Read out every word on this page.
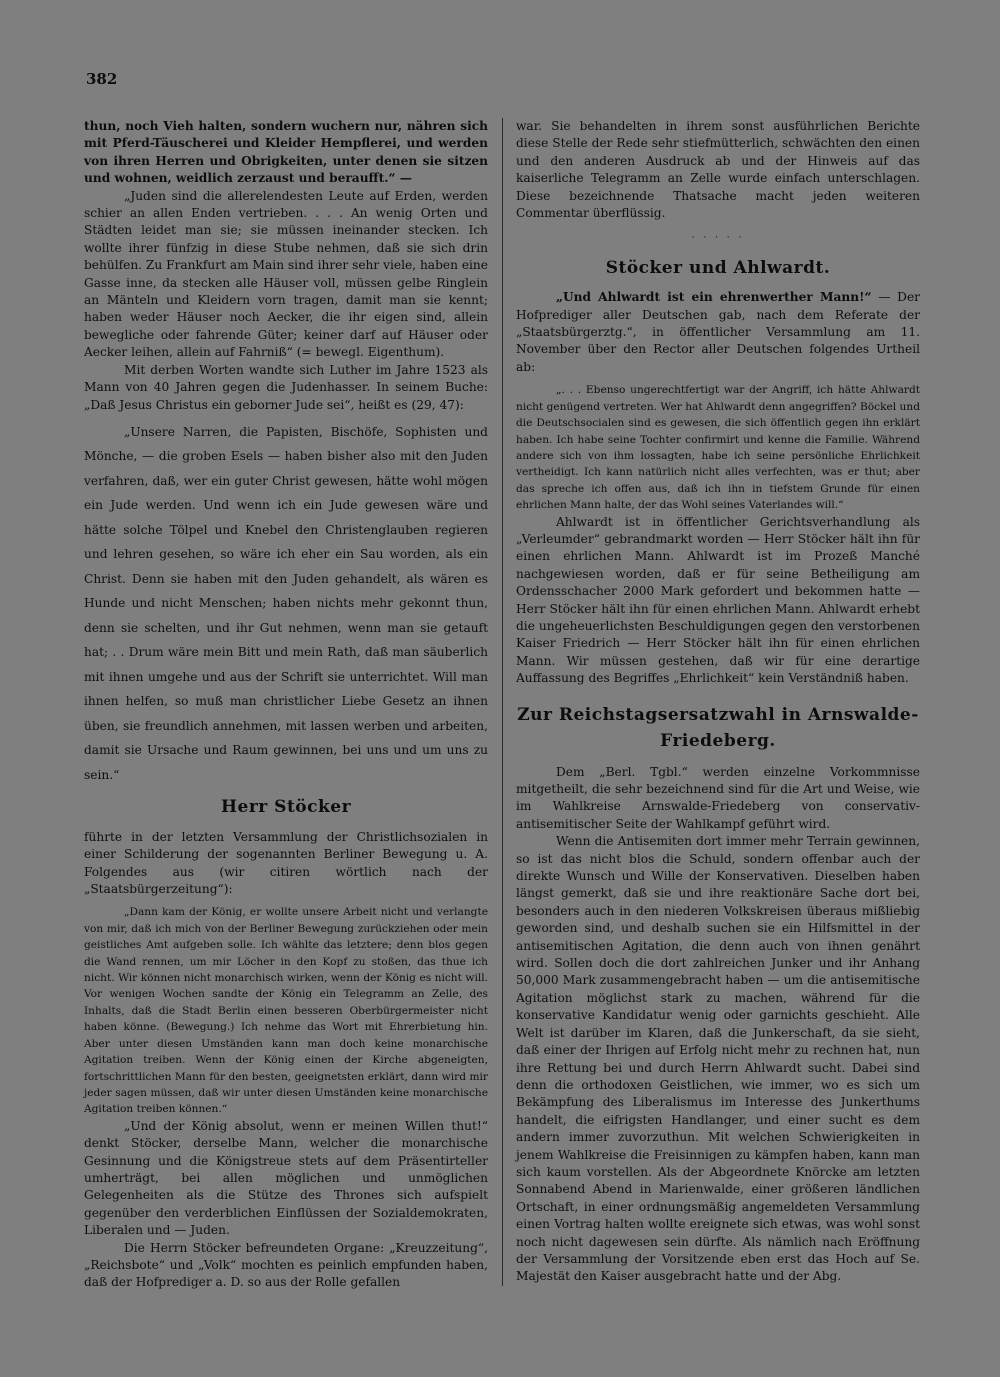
382

thun, noch Vieh halten, sondern wuchern nur, nähren sich mit Pferd-Täuscherei und Kleider Hempflerei, und werden von ihren Herren und Obrigkeiten, unter denen sie sitzen und wohnen, weidlich zerzaust und beraufft.“ —

„Juden sind die allerelendesten Leute auf Erden, werden schier an allen Enden vertrieben. . . . An wenig Orten und Städten leidet man sie; sie müssen ineinander stecken. Ich wollte ihrer fünfzig in diese Stube nehmen, daß sie sich drin behülfen. Zu Frankfurt am Main sind ihrer sehr viele, haben eine Gasse inne, da stecken alle Häuser voll, müssen gelbe Ringlein an Mänteln und Kleidern vorn tragen, damit man sie kennt; haben weder Häuser noch Aecker, die ihr eigen sind, allein bewegliche oder fahrende Güter; keiner darf auf Häuser oder Aecker leihen, allein auf Fahrniß“ (= bewegl. Eigenthum).

Mit derben Worten wandte sich Luther im Jahre 1523 als Mann von 40 Jahren gegen die Judenhasser. In seinem Buche: „Daß Jesus Christus ein geborner Jude sei“, heißt es (29, 47):

„Unsere Narren, die Papisten, Bischöfe, Sophisten und Mönche, — die groben Esels — haben bisher also mit den Juden verfahren, daß, wer ein guter Christ gewesen, hätte wohl mögen ein Jude werden. Und wenn ich ein Jude gewesen wäre und hätte solche Tölpel und Knebel den Christenglauben regieren und lehren gesehen, so wäre ich eher ein Sau worden, als ein Christ. Denn sie haben mit den Juden gehandelt, als wären es Hunde und nicht Menschen; haben nichts mehr gekonnt thun, denn sie schelten, und ihr Gut nehmen, wenn man sie getauft hat; . . Drum wäre mein Bitt und mein Rath, daß man säuberlich mit ihnen umgehe und aus der Schrift sie unterrichtet. Will man ihnen helfen, so muß man christlicher Liebe Gesetz an ihnen üben, sie freundlich annehmen, mit lassen werben und arbeiten, damit sie Ursache und Raum gewinnen, bei uns und um uns zu sein.“

Herr Stöcker

führte in der letzten Versammlung der Christlichsozialen in einer Schilderung der sogenannten Berliner Bewegung u. A. Folgendes aus (wir citiren wörtlich nach der „Staatsbürgerzeitung“):

„Dann kam der König, er wollte unsere Arbeit nicht und verlangte von mir, daß ich mich von der Berliner Bewegung zurückziehen oder mein geistliches Amt aufgeben solle. Ich wählte das letztere; denn blos gegen die Wand rennen, um mir Löcher in den Kopf zu stoßen, das thue ich nicht. Wir können nicht monarchisch wirken, wenn der König es nicht will. Vor wenigen Wochen sandte der König ein Telegramm an Zelle, des Inhalts, daß die Stadt Berlin einen besseren Oberbürgermeister nicht haben könne. (Bewegung.) Ich nehme das Wort mit Ehrerbietung hin. Aber unter diesen Umständen kann man doch keine monarchische Agitation treiben. Wenn der König einen der Kirche abgeneigten, fortschrittlichen Mann für den besten, geeignetsten erklärt, dann wird mir jeder sagen müssen, daß wir unter diesen Umständen keine monarchische Agitation treiben können.“

„Und der König absolut, wenn er meinen Willen thut!“ denkt Stöcker, derselbe Mann, welcher die monarchische Gesinnung und die Königstreue stets auf dem Präsentirteller umherträgt, bei allen möglichen und unmöglichen Gelegenheiten als die Stütze des Thrones sich aufspielt gegenüber den verderblichen Einflüssen der Sozialdemokraten, Liberalen und — Juden.

Die Herrn Stöcker befreundeten Organe: „Kreuzzeitung“, „Reichsbote“ und „Volk“ mochten es peinlich empfunden haben, daß der Hofprediger a. D. so aus der Rolle gefallen

war. Sie behandelten in ihrem sonst ausführlichen Berichte diese Stelle der Rede sehr stiefmütterlich, schwächten den einen und den anderen Ausdruck ab und der Hinweis auf das kaiserliche Telegramm an Zelle wurde einfach unterschlagen. Diese bezeichnende Thatsache macht jeden weiteren Commentar überflüssig.

· · · · ·
Stöcker und Ahlwardt.

„Und Ahlwardt ist ein ehrenwerther Mann!“ — Der Hofprediger aller Deutschen gab, nach dem Referate der „Staatsbürgerztg.“, in öffentlicher Versammlung am 11. November über den Rector aller Deutschen folgendes Urtheil ab:

„. . . Ebenso ungerechtfertigt war der Angriff, ich hätte Ahlwardt nicht genügend vertreten. Wer hat Ahlwardt denn angegriffen? Böckel und die Deutschsocialen sind es gewesen, die sich öffentlich gegen ihn erklärt haben. Ich habe seine Tochter confirmirt und kenne die Familie. Während andere sich von ihm lossagten, habe ich seine persönliche Ehrlichkeit vertheidigt. Ich kann natürlich nicht alles verfechten, was er thut; aber das spreche ich offen aus, daß ich ihn in tiefstem Grunde für einen ehrlichen Mann halte, der das Wohl seines Vaterlandes will.“

Ahlwardt ist in öffentlicher Gerichtsverhandlung als „Verleumder“ gebrandmarkt worden — Herr Stöcker hält ihn für einen ehrlichen Mann. Ahlwardt ist im Prozeß Manché nachgewiesen worden, daß er für seine Betheiligung am Ordensschacher 2000 Mark gefordert und bekommen hatte — Herr Stöcker hält ihn für einen ehrlichen Mann. Ahlwardt erhebt die ungeheuerlichsten Beschuldigungen gegen den verstorbenen Kaiser Friedrich — Herr Stöcker hält ihn für einen ehrlichen Mann. Wir müssen gestehen, daß wir für eine derartige Auffassung des Begriffes „Ehrlichkeit“ kein Verständniß haben.

Zur Reichstagsersatzwahl in Arnswalde-
Friedeberg.

Dem „Berl. Tgbl.“ werden einzelne Vorkommnisse mitgetheilt, die sehr bezeichnend sind für die Art und Weise, wie im Wahlkreise Arnswalde-Friedeberg von conservativ-antisemitischer Seite der Wahlkampf geführt wird.

Wenn die Antisemiten dort immer mehr Terrain gewinnen, so ist das nicht blos die Schuld, sondern offenbar auch der direkte Wunsch und Wille der Konservativen. Dieselben haben längst gemerkt, daß sie und ihre reaktionäre Sache dort bei, besonders auch in den niederen Volkskreisen überaus mißliebig geworden sind, und deshalb suchen sie ein Hilfsmittel in der antisemitischen Agitation, die denn auch von ihnen genährt wird. Sollen doch die dort zahlreichen Junker und ihr Anhang 50,000 Mark zusammengebracht haben — um die antisemitische Agitation möglichst stark zu machen, während für die konservative Kandidatur wenig oder garnichts geschieht. Alle Welt ist darüber im Klaren, daß die Junkerschaft, da sie sieht, daß einer der Ihrigen auf Erfolg nicht mehr zu rechnen hat, nun ihre Rettung bei und durch Herrn Ahlwardt sucht. Dabei sind denn die orthodoxen Geistlichen, wie immer, wo es sich um Bekämpfung des Liberalismus im Interesse des Junkerthums handelt, die eifrigsten Handlanger, und einer sucht es dem andern immer zuvorzuthun. Mit welchen Schwierigkeiten in jenem Wahlkreise die Freisinnigen zu kämpfen haben, kann man sich kaum vorstellen. Als der Abgeordnete Knörcke am letzten Sonnabend Abend in Marienwalde, einer größeren ländlichen Ortschaft, in einer ordnungsmäßig angemeldeten Versammlung einen Vortrag halten wollte ereignete sich etwas, was wohl sonst noch nicht dagewesen sein dürfte. Als nämlich nach Eröffnung der Versammlung der Vorsitzende eben erst das Hoch auf Se. Majestät den Kaiser ausgebracht hatte und der Abg.
